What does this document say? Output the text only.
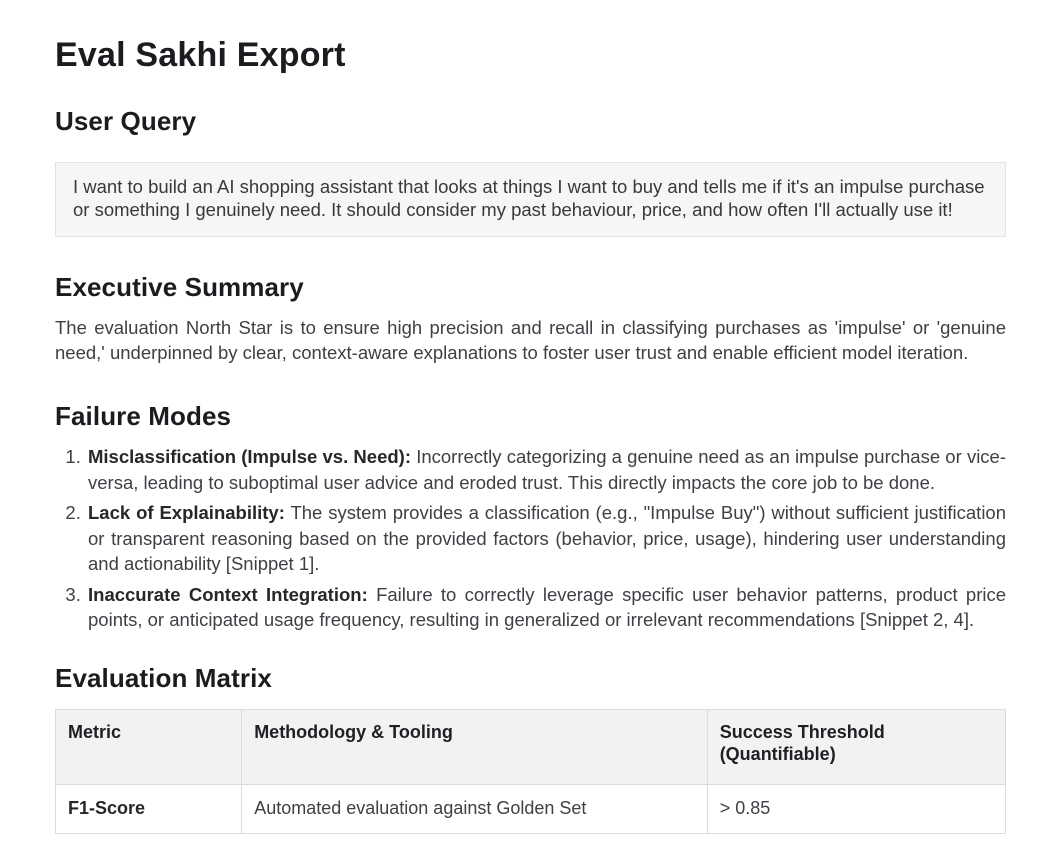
Eval Sakhi Export
User Query
I want to build an AI shopping assistant that looks at things I want to buy and tells me if it's an impulse purchase or something I genuinely need. It should consider my past behaviour, price, and how often I'll actually use it!
Executive Summary

The evaluation North Star is to ensure high precision and recall in classifying purchases as 'impulse' or 'genuine need,' underpinned by clear, context-aware explanations to foster user trust and enable efficient model iteration.

Failure Modes
1. Misclassification (Impulse vs. Need): Incorrectly categorizing a genuine need as an impulse purchase or vice-versa, leading to suboptimal user advice and eroded trust. This directly impacts the core job to be done.
2. Lack of Explainability: The system provides a classification (e.g., "Impulse Buy") without sufficient justification or transparent reasoning based on the provided factors (behavior, price, usage), hindering user understanding and actionability [Snippet 1].
3. Inaccurate Context Integration: Failure to correctly leverage specific user behavior patterns, product price points, or anticipated usage frequency, resulting in generalized or irrelevant recommendations [Snippet 2, 4].
Evaluation Matrix
Metric	Methodology & Tooling	Success Threshold (Quantifiable)
F1-Score	Automated evaluation against Golden Set	> 0.85
